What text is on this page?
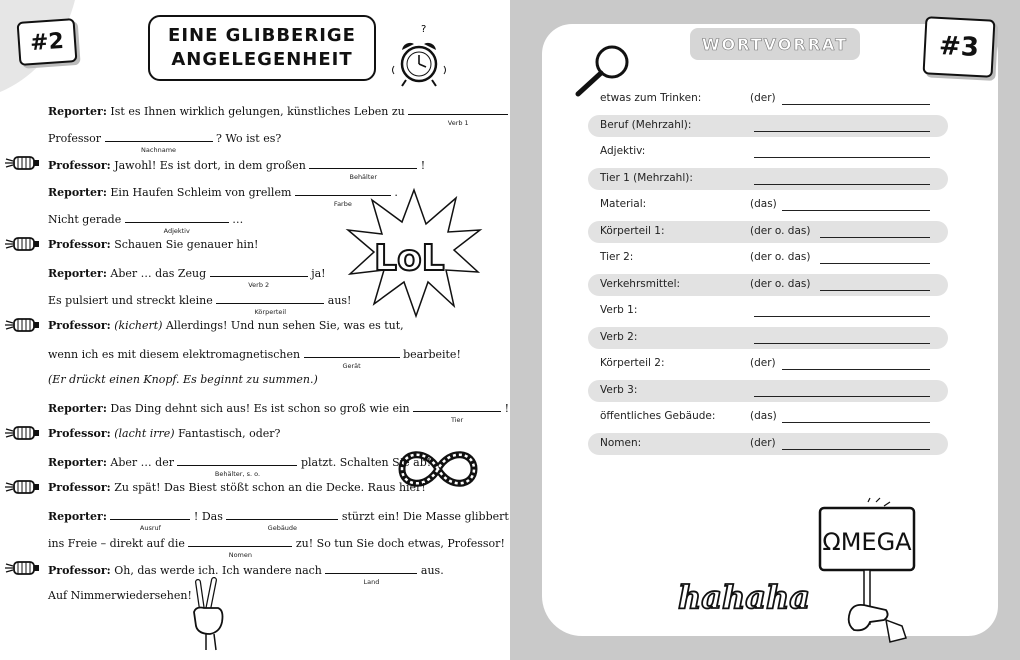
#2	EINE GLIBBERIGE
ANGELEGENHEIT
?
LoL
Reporter: Ist es Ihnen wirklich gelungen, künstliches Leben zu
Verb 1
Professor
Nachname
? Wo ist es?
Professor: Jawohl! Es ist dort, in dem großen
Behälter
!
Reporter: Ein Haufen Schleim von grellem
Farbe
.
Nicht gerade
Adjektiv
…
Professor: Schauen Sie genauer hin!
Reporter: Aber … das Zeug
Verb 2
ja!
Es pulsiert und streckt kleine
Körperteil
aus!
Professor: (kichert) Allerdings! Und nun sehen Sie, was es tut,
wenn ich es mit diesem elektromagnetischen
Gerät
bearbeite!
(Er drückt einen Knopf. Es beginnt zu summen.)
Reporter: Das Ding dehnt sich aus! Es ist schon so groß wie ein
Tier
!
Professor: (lacht irre) Fantastisch, oder?
Reporter: Aber … der
Behälter, s. o.
platzt. Schalten Sie ab!
Professor: Zu spät! Das Biest stößt schon an die Decke. Raus hier!
Reporter:
Ausruf
! Das
Gebäude
stürzt ein! Die Masse glibbert
ins Freie – direkt auf die
Nomen
zu! So tun Sie doch etwas, Professor!
Professor: Oh, das werde ich. Ich wandere nach
Land
aus.
Auf Nimmerwiedersehen!
WORTVORRAT	#3
hahaha
ΩMEGA
etwas zum Trinken:	(der)
Beruf (Mehrzahl):
Adjektiv:
Tier 1 (Mehrzahl):
Material:	(das)
Körperteil 1:	(der o. das)
Tier 2:	(der o. das)
Verkehrsmittel:	(der o. das)
Verb 1:
Verb 2:
Körperteil 2:	(der)
Verb 3:
öffentliches Gebäude:	(das)
Nomen:	(der)
